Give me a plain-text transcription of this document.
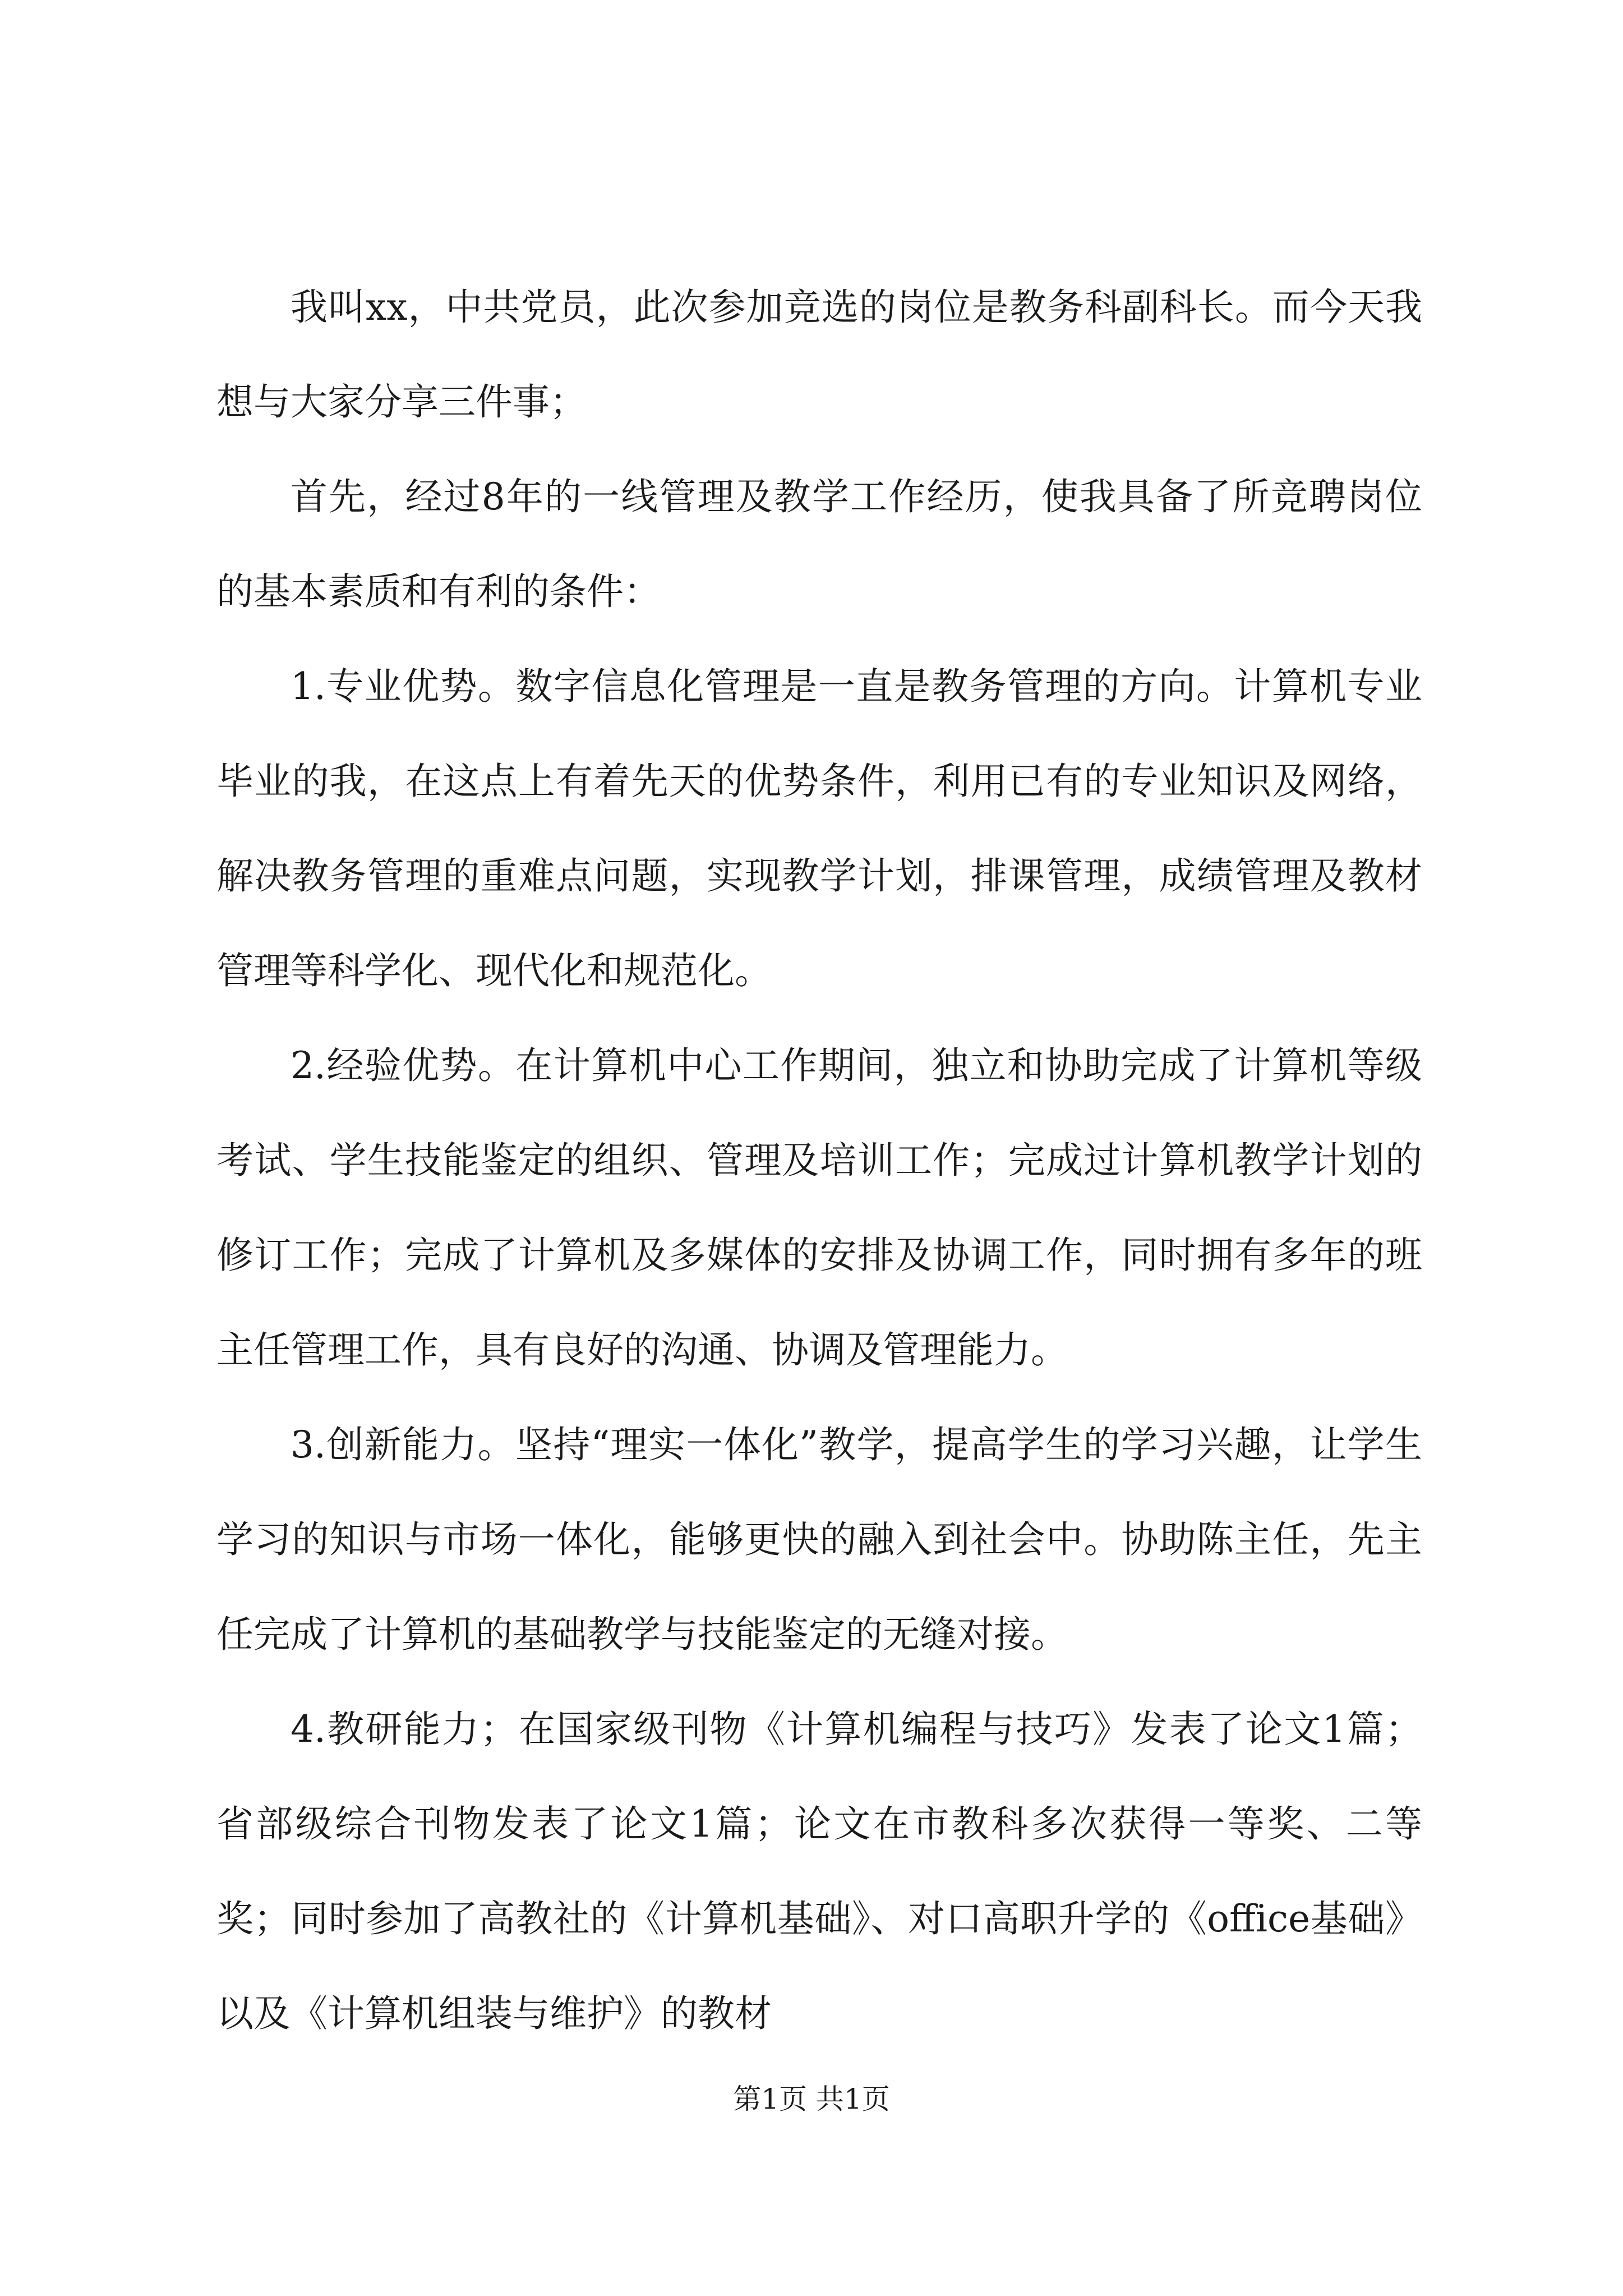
我叫xx，中共党员，此次参加竞选的岗位是教务科副科长。而今天我想与大家分享三件事；

首先，经过8年的一线管理及教学工作经历，使我具备了所竞聘岗位的基本素质和有利的条件：

1.专业优势。数字信息化管理是一直是教务管理的方向。计算机专业毕业的我，在这点上有着先天的优势条件，利用已有的专业知识及网络，解决教务管理的重难点问题，实现教学计划，排课管理，成绩管理及教材管理等科学化、现代化和规范化。

2.经验优势。在计算机中心工作期间，独立和协助完成了计算机等级考试、学生技能鉴定的组织、管理及培训工作；完成过计算机教学计划的修订工作；完成了计算机及多媒体的安排及协调工作，同时拥有多年的班主任管理工作，具有良好的沟通、协调及管理能力。

3.创新能力。坚持“理实一体化”教学，提高学生的学习兴趣，让学生学习的知识与市场一体化，能够更快的融入到社会中。协助陈主任，先主任完成了计算机的基础教学与技能鉴定的无缝对接。

4.教研能力；在国家级刊物《计算机编程与技巧》发表了论文1篇；省部级综合刊物发表了论文1篇；论文在市教科多次获得一等奖、二等奖；同时参加了高教社的《计算机基础》、对口高职升学的《office基础》以及《计算机组装与维护》的教材

第1页 共1页
